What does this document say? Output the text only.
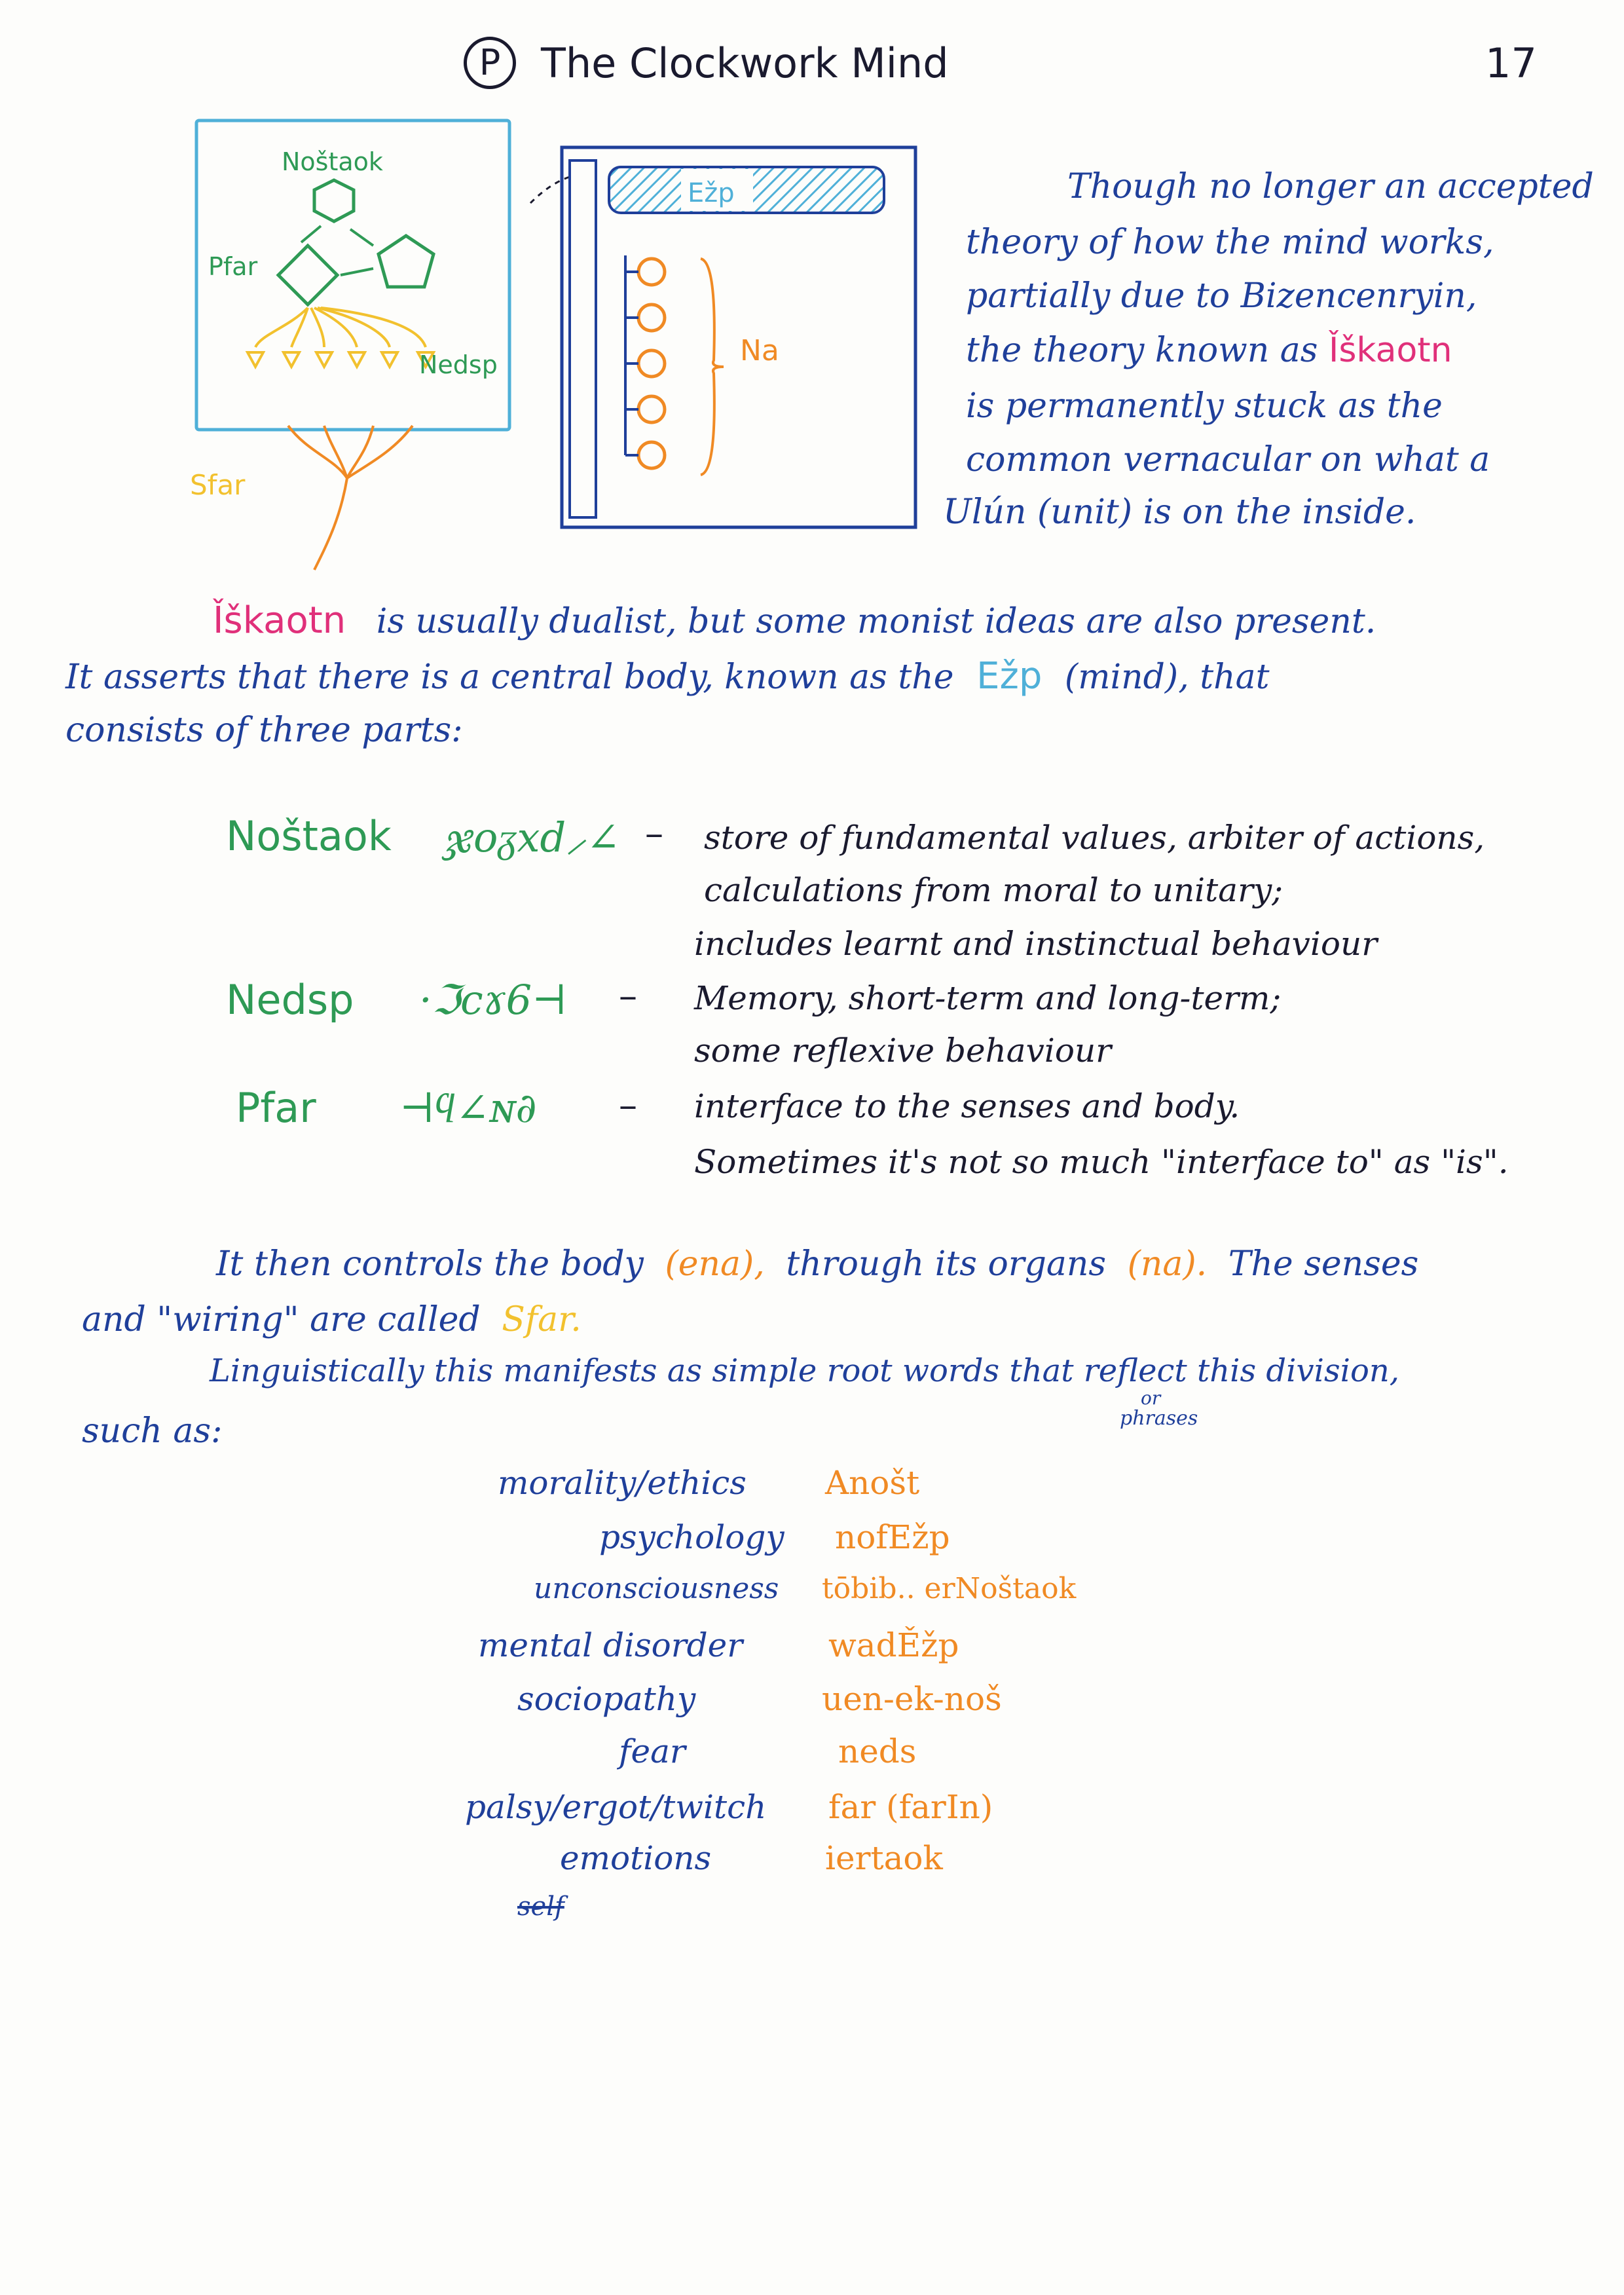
P The Clockwork Mind	17
Noštaok
Pfar
Nedsp
Sfar
Ežp
Na
Though no longer an accepted
theory of how the mind works,
partially due to Bizencenryin,
the theory known as Ǐškaotn
is permanently stuck as the
common vernacular on what a
Ulún (unit) is on the inside.
Ǐškaotn is usually dualist, but some monist ideas are also present.
It asserts that there is a central body, known as the Ežp (mind), that
consists of three parts:
Noštaok ჯoᵹxd⸝∠ – store of fundamental values, arbiter of actions,
calculations from moral to unitary;
includes learnt and instinctual behaviour
Nedsp ·ℑcɤ6⊣ – Memory, short-term and long-term;
some reflexive behaviour
Pfar ⊣ϥ∠ɴ∂ – interface to the senses and body.
Sometimes it's not so much "interface to" as "is".
It then controls the body (ena), through its organs (na). The senses
and "wiring" are called Sfar.
Linguistically this manifests as simple root words that reflect this division,
or
phrases
such as:
morality/ethics Anošt
psychology nofEžp
unconsciousness tōbib.. erNoštaok
mental disorder	wadĚžp
sociopathy	uen-ek-noš
fear	neds
palsy/ergot/twitch far (farIn)
emotions	iertaok
self
